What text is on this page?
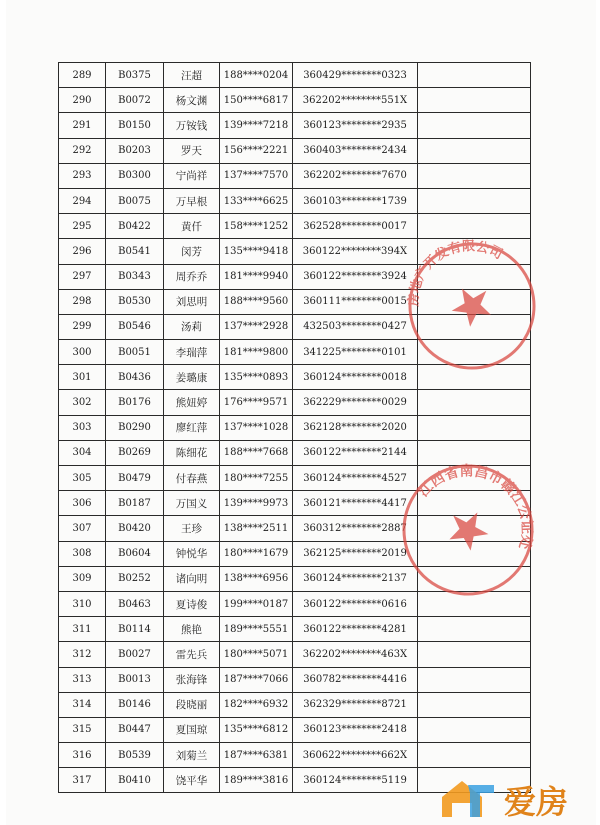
289	B0375	汪超	188****0204	360429********0323	
290	B0072	杨文渊	150****6817	362202********551X	
291	B0150	万铵钱	139****7218	360123********2935	
292	B0203	罗天	156****2221	360403********2434	
293	B0300	宁尚祥	137****7570	362202********7670	
294	B0075	万早根	133****6625	360103********1739	
295	B0422	黄仟	158****1252	362528********0017	
296	B0541	闵芳	135****9418	360122********394X	
297	B0343	周乔乔	181****9940	360122********3924	
298	B0530	刘思明	188****9560	360111********0015	
299	B0546	汤莉	137****2928	432503********0427	
300	B0051	李瑞萍	181****9800	341225********0101	
301	B0436	姜璐康	135****0893	360124********0018	
302	B0176	熊妞婷	176****9571	362229********0029	
303	B0290	廖红萍	137****1028	362128********2020	
304	B0269	陈细花	188****7668	360122********2144	
305	B0479	付春燕	180****7255	360124********4527	
306	B0187	万国义	139****9973	360121********4417	
307	B0420	王珍	138****2511	360312********2887	
308	B0604	钟悦华	180****1679	362125********2019	
309	B0252	诸向明	138****6956	360124********2137	
310	B0463	夏诗俊	199****0187	360122********0616	
311	B0114	熊艳	189****5551	360122********4281	
312	B0027	雷先兵	180****5071	362202********463X	
313	B0013	张海锋	187****7066	360782********4416	
314	B0146	段晓丽	182****6932	362329********8721	
315	B0447	夏国琼	135****6812	360123********2418	
316	B0539	刘菊兰	187****6381	360622********662X	
317	B0410	饶平华	189****3816	360124********5119	
房地产开发有限公司
江西省南昌市赣江公证处
爱房
